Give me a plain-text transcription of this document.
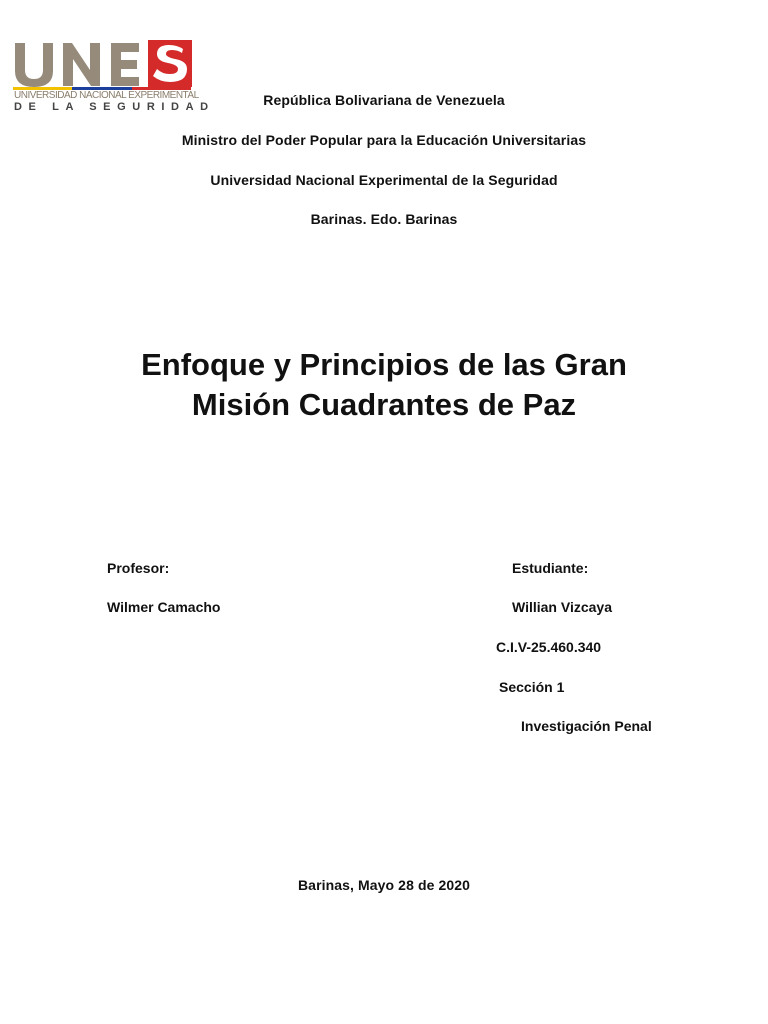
UNIVERSIDAD NACIONAL EXPERIMENTAL
DE LA SEGURIDAD	República Bolivariana de Venezuela
Ministro del Poder Popular para la Educación Universitarias
Universidad Nacional Experimental de la Seguridad
Barinas. Edo. Barinas
Enfoque y Principios de las Gran
Misión Cuadrantes de Paz
Profesor:
Wilmer Camacho
Estudiante:
Willian Vizcaya
C.I.V-25.460.340
Sección 1
Investigación Penal
Barinas, Mayo 28 de 2020
